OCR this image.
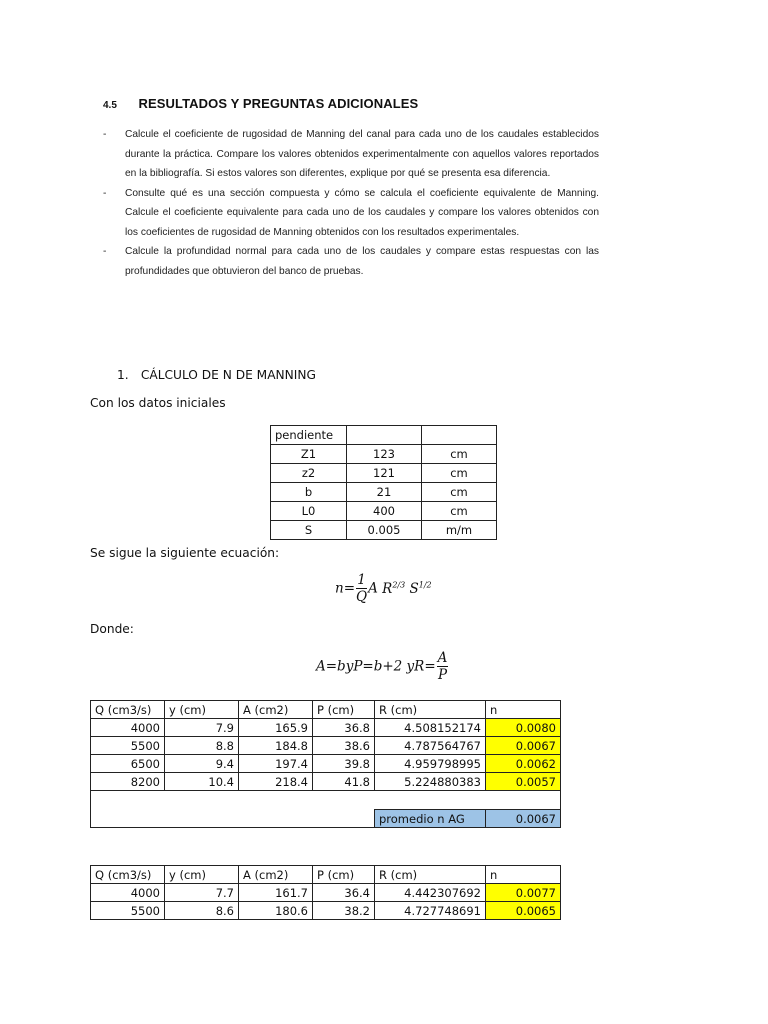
4.5 RESULTADOS Y PREGUNTAS ADICIONALES
-	Calcule el coeficiente de rugosidad de Manning del canal para cada uno de los caudales establecidos durante la práctica. Compare los valores obtenidos experimentalmente con aquellos valores reportados en la bibliografía. Si estos valores son diferentes, explique por qué se presenta esa diferencia.
-	Consulte qué es una sección compuesta y cómo se calcula el coeficiente equivalente de Manning. Calcule el coeficiente equivalente para cada uno de los caudales y compare los valores obtenidos con los coeficientes de rugosidad de Manning obtenidos con los resultados experimentales.
-	Calcule la profundidad normal para cada uno de los caudales y compare estas respuestas con las profundidades que obtuvieron del banco de pruebas.
1. CÁLCULO DE N DE MANNING
Con los datos iniciales
pendiente		
Z1	123	cm
z2	121	cm
b	21	cm
L0	400	cm
S	0.005	m/m
Se sigue la siguiente ecuación:
$n= \frac{1}{Q}$ A $R^{2/3}$ $S^{1/2}$
Donde:
A=byP=b+2 $yR= \frac{A}{P}$
Q (cm3/s)	y (cm)	A (cm2)	P (cm)	R (cm)	n
4000	7.9	165.9	36.8	4.508152174	0.0080
5500	8.8	184.8	38.6	4.787564767	0.0067
6500	9.4	197.4	39.8	4.959798995	0.0062
8200	10.4	218.4	41.8	5.224880383	0.0057

				promedio n AG	0.0067
Q (cm3/s)	y (cm)	A (cm2)	P (cm)	R (cm)	n
4000	7.7	161.7	36.4	4.442307692	0.0077
5500	8.6	180.6	38.2	4.727748691	0.0065
